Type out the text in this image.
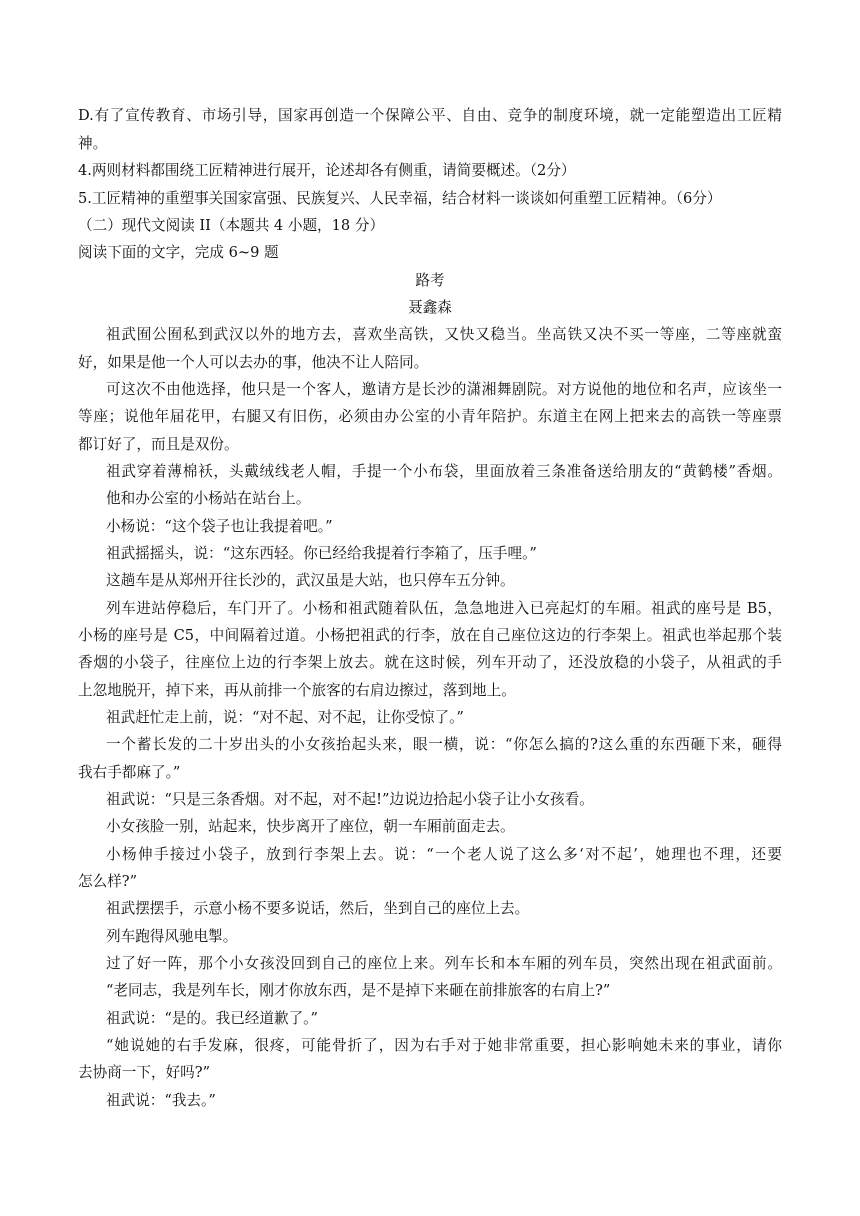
D.有了宣传教育、市场引导，国家再创造一个保障公平、自由、竞争的制度环境，就一定能塑造出工匠精
神。
4.两则材料都围绕工匠精神进行展开，论述却各有侧重，请简要概述。（2分）
5.工匠精神的重塑事关国家富强、民族复兴、人民幸福，结合材料一谈谈如何重塑工匠精神。（6分）
（二）现代文阅读 II（本题共 4 小题，18 分）
阅读下面的文字，完成 6~9 题
路考
聂鑫森
祖武囿公囿私到武汉以外的地方去，喜欢坐高铁，又快又稳当。坐高铁又决不买一等座，二等座就蛮
好，如果是他一个人可以去办的事，他决不让人陪同。
可这次不由他选择，他只是一个客人，邀请方是长沙的潇湘舞剧院。对方说他的地位和名声，应该坐一
等座；说他年届花甲，右腿又有旧伤，必须由办公室的小青年陪护。东道主在网上把来去的高铁一等座票
都订好了，而且是双份。
祖武穿着薄棉袄，头戴绒线老人帽，手提一个小布袋，里面放着三条准备送给朋友的“黄鹤楼”香烟。
他和办公室的小杨站在站台上。
小杨说：“这个袋子也让我提着吧。”
祖武摇摇头，说：“这东西轻。你已经给我提着行李箱了，压手哩。”
这趟车是从郑州开往长沙的，武汉虽是大站，也只停车五分钟。
列车进站停稳后，车门开了。小杨和祖武随着队伍，急急地进入已亮起灯的车厢。祖武的座号是 B5，
小杨的座号是 C5，中间隔着过道。小杨把祖武的行李，放在自己座位这边的行李架上。祖武也举起那个装
香烟的小袋子，往座位上边的行李架上放去。就在这时候，列车开动了，还没放稳的小袋子，从祖武的手
上忽地脱开，掉下来，再从前排一个旅客的右肩边擦过，落到地上。
祖武赶忙走上前，说：“对不起、对不起，让你受惊了。”
一个蓄长发的二十岁出头的小女孩抬起头来，眼一横，说：“你怎么搞的?这么重的东西砸下来，砸得
我右手都麻了。”
祖武说：“只是三条香烟。对不起，对不起!”边说边拾起小袋子让小女孩看。
小女孩脸一别，站起来，快步离开了座位，朝一车厢前面走去。
小杨伸手接过小袋子，放到行李架上去。说：“一个老人说了这么多‘对不起’，她理也不理，还要
怎么样?”
祖武摆摆手，示意小杨不要多说话，然后，坐到自己的座位上去。
列车跑得风驰电掣。
过了好一阵，那个小女孩没回到自己的座位上来。列车长和本车厢的列车员，突然出现在祖武面前。
“老同志，我是列车长，刚才你放东西，是不是掉下来砸在前排旅客的右肩上?”
祖武说：“是的。我已经道歉了。”
“她说她的右手发麻，很疼，可能骨折了，因为右手对于她非常重要，担心影响她未来的事业，请你
去协商一下，好吗?”
祖武说：“我去。”
